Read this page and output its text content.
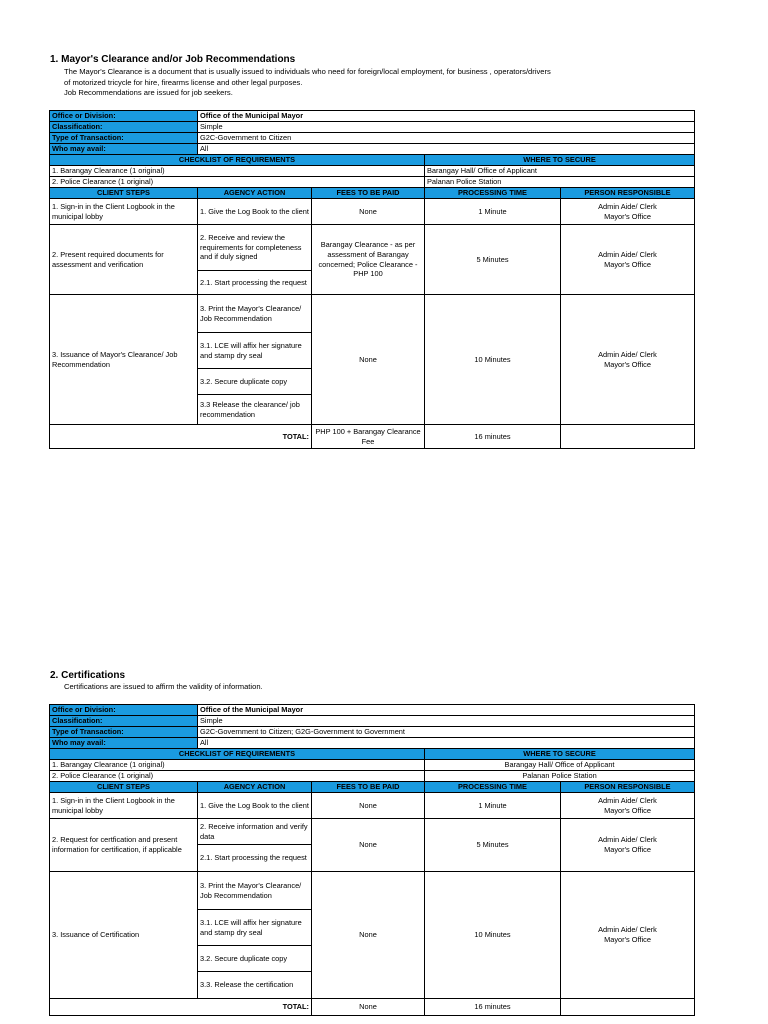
1. Mayor's Clearance and/or Job Recommendations
The Mayor's Clearance is a document that is usually issued to individuals who need for foreign/local employment, for business , operators/drivers
of motorized tricycle for hire, firearms license and other legal purposes.
Job Recommendations are issued for job seekers.
Office or Division:	Office of the Municipal Mayor			
Classification:	Simple			
Type of Transaction:	G2C-Government to Citizen			
Who may avail:	All			
CHECKLIST OF REQUIREMENTS			WHERE TO SECURE	
1. Barangay Clearance (1 original)			Barangay Hall/ Office of Applicant	
2. Police Clearance (1 original)			Palanan Police Station	
CLIENT STEPS	AGENCY ACTION	FEES TO BE PAID	PROCESSING TIME	PERSON RESPONSIBLE
1. Sign-in in the Client Logbook in the municipal lobby	1. Give the Log Book to the client	None	1 Minute	Admin Aide/ Clerk
Mayor's Office

2. Present required documents for assessment and verification	2. Receive and review the requirements for completeness and if duly signed	Barangay Clearance - as per assessment of Barangay concerned; Police Clearance - PHP 100	5 Minutes	Admin Aide/ Clerk
Mayor's Office

	2.1. Start processing the request			
3. Issuance of Mayor's Clearance/ Job Recommendation	3. Print the Mayor's Clearance/ Job Recommendation	None	10 Minutes	Admin Aide/ Clerk
Mayor's Office

	3.1. LCE will affix her signature and stamp dry seal			
	3.2. Secure duplicate copy			
	3.3 Release the clearance/ job recommendation			
TOTAL:		PHP 100 + Barangay Clearance Fee	16 minutes	
2. Certifications
Certifications are issued to affirm the validity of information.
Office or Division:	Office of the Municipal Mayor			
Classification:	Simple			
Type of Transaction:	G2C-Government to Citizen; G2G-Government to Government			
Who may avail:	All			
CHECKLIST OF REQUIREMENTS			WHERE TO SECURE	
1. Barangay Clearance (1 original)			Barangay Hall/ Office of Applicant	
2. Police Clearance (1 original)			Palanan Police Station	
CLIENT STEPS	AGENCY ACTION	FEES TO BE PAID	PROCESSING TIME	PERSON RESPONSIBLE
1. Sign-in in the Client Logbook in the municipal lobby	1. Give the Log Book to the client	None	1 Minute	Admin Aide/ Clerk
Mayor's Office

2. Request for certfication and present information for certification, if applicable	2. Receive information and verify data	None	5 Minutes	Admin Aide/ Clerk
Mayor's Office

	2.1. Start processing the request			
3. Issuance of Certification	3. Print the Mayor's Clearance/ Job Recommendation	None	10 Minutes	Admin Aide/ Clerk
Mayor's Office

	3.1. LCE will affix her signature and stamp dry seal			
	3.2. Secure duplicate copy			
	3.3. Release the certification			
TOTAL:		None	16 minutes	
